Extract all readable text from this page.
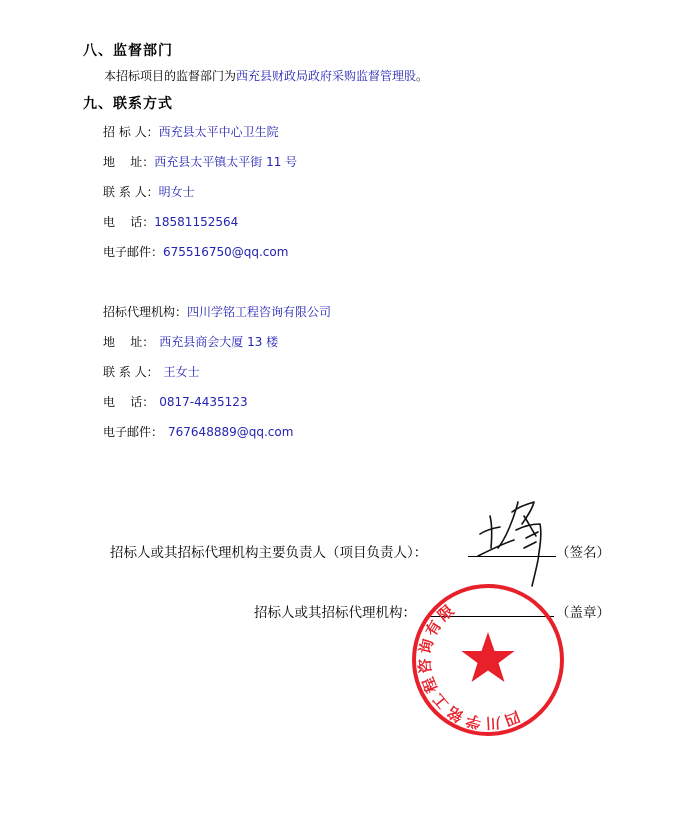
八、监督部门
本招标项目的监督部门为西充县财政局政府采购监督管理股。
九、联系方式
招 标 人：西充县太平中心卫生院
地    址：西充县太平镇太平街 11 号
联 系 人：明女士
电    话：18581152564
电子邮件：675516750@qq.com
招标代理机构：四川学铭工程咨询有限公司
地    址： 西充县商会大厦 13 楼
联 系 人： 王女士
电    话： 0817-4435123
电子邮件： 767648889@qq.com
招标人或其招标代理机构主要负责人（项目负责人）：	（签名）
招标人或其招标代理机构：	（盖章）
四川学铭工程咨询有限公司
